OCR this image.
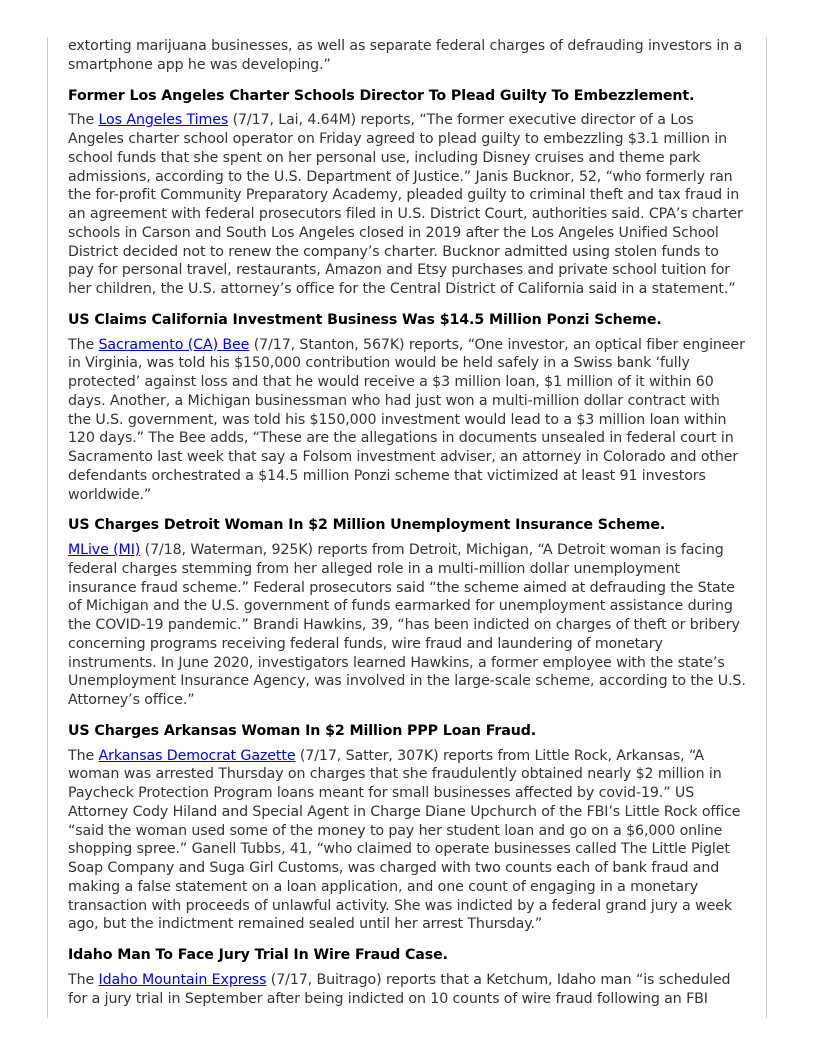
extorting marijuana businesses, as well as separate federal charges of defrauding investors in a smartphone app he was developing.”

Former Los Angeles Charter Schools Director To Plead Guilty To Embezzlement.

The Los Angeles Times (7/17, Lai, 4.64M) reports, “The former executive director of a Los Angeles charter school operator on Friday agreed to plead guilty to embezzling $3.1 million in school funds that she spent on her personal use, including Disney cruises and theme park admissions, according to the U.S. Department of Justice.” Janis Bucknor, 52, “who formerly ran the for-profit Community Preparatory Academy, pleaded guilty to criminal theft and tax fraud in an agreement with federal prosecutors filed in U.S. District Court, authorities said. CPA’s charter schools in Carson and South Los Angeles closed in 2019 after the Los Angeles Unified School District decided not to renew the company’s charter. Bucknor admitted using stolen funds to pay for personal travel, restaurants, Amazon and Etsy purchases and private school tuition for her children, the U.S. attorney’s office for the Central District of California said in a statement.”

US Claims California Investment Business Was $14.5 Million Ponzi Scheme.

The Sacramento (CA) Bee (7/17, Stanton, 567K) reports, “One investor, an optical fiber engineer in Virginia, was told his $150,000 contribution would be held safely in a Swiss bank ‘fully protected’ against loss and that he would receive a $3 million loan, $1 million of it within 60 days. Another, a Michigan businessman who had just won a multi-million dollar contract with the U.S. government, was told his $150,000 investment would lead to a $3 million loan within 120 days.” The Bee adds, “These are the allegations in documents unsealed in federal court in Sacramento last week that say a Folsom investment adviser, an attorney in Colorado and other defendants orchestrated a $14.5 million Ponzi scheme that victimized at least 91 investors worldwide.”

US Charges Detroit Woman In $2 Million Unemployment Insurance Scheme.

MLive (MI) (7/18, Waterman, 925K) reports from Detroit, Michigan, “A Detroit woman is facing federal charges stemming from her alleged role in a multi-million dollar unemployment insurance fraud scheme.” Federal prosecutors said “the scheme aimed at defrauding the State of Michigan and the U.S. government of funds earmarked for unemployment assistance during the COVID-19 pandemic.” Brandi Hawkins, 39, “has been indicted on charges of theft or bribery concerning programs receiving federal funds, wire fraud and laundering of monetary instruments. In June 2020, investigators learned Hawkins, a former employee with the state’s Unemployment Insurance Agency, was involved in the large-scale scheme, according to the U.S. Attorney’s office.”

US Charges Arkansas Woman In $2 Million PPP Loan Fraud.

The Arkansas Democrat Gazette (7/17, Satter, 307K) reports from Little Rock, Arkansas, “A woman was arrested Thursday on charges that she fraudulently obtained nearly $2 million in Paycheck Protection Program loans meant for small businesses affected by covid-19.” US Attorney Cody Hiland and Special Agent in Charge Diane Upchurch of the FBI’s Little Rock office “said the woman used some of the money to pay her student loan and go on a $6,000 online shopping spree.” Ganell Tubbs, 41, “who claimed to operate businesses called The Little Piglet Soap Company and Suga Girl Customs, was charged with two counts each of bank fraud and making a false statement on a loan application, and one count of engaging in a monetary transaction with proceeds of unlawful activity. She was indicted by a federal grand jury a week ago, but the indictment remained sealed until her arrest Thursday.”

Idaho Man To Face Jury Trial In Wire Fraud Case.

The Idaho Mountain Express (7/17, Buitrago) reports that a Ketchum, Idaho man “is scheduled for a jury trial in September after being indicted on 10 counts of wire fraud following an FBI
